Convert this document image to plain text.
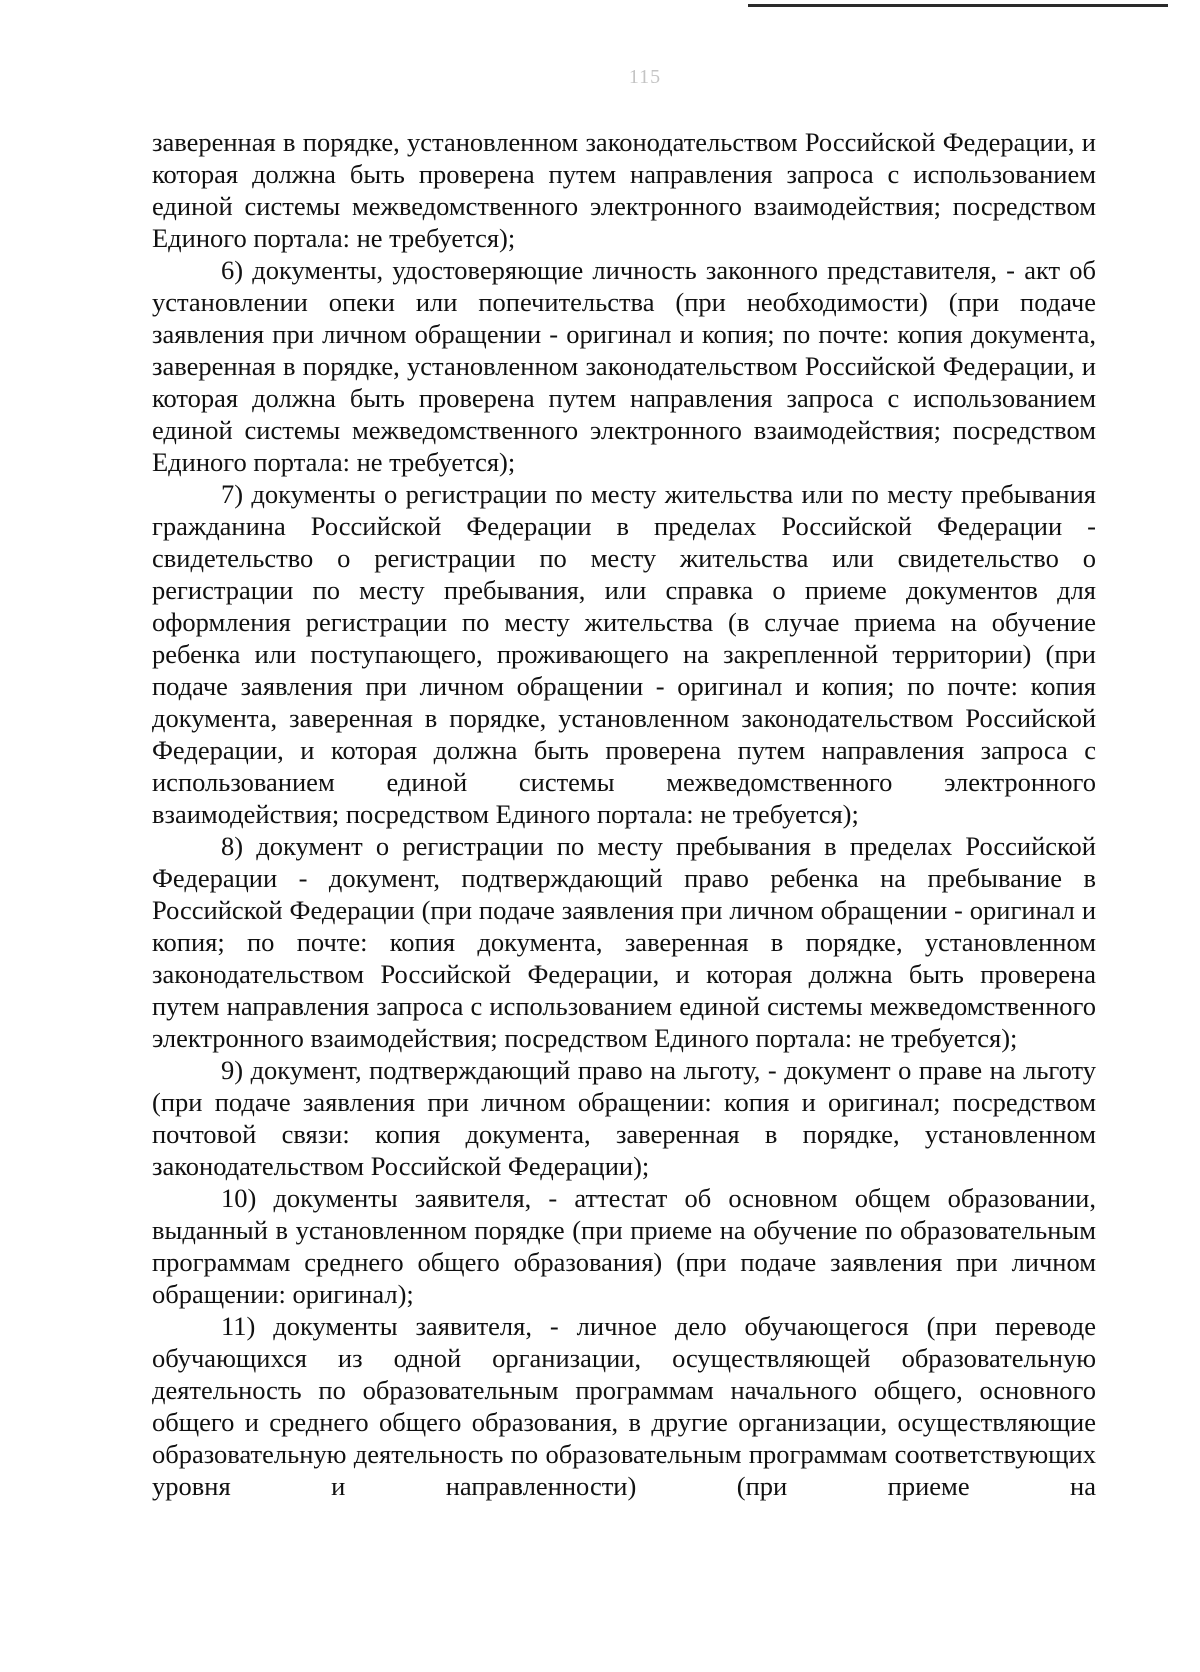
115

заверенная в порядке, установленном законодательством Российской Федерации, и которая должна быть проверена путем направления запроса с использованием единой системы межведомственного электронного взаимодействия; посредством Единого портала: не требуется);

6) документы, удостоверяющие личность законного представителя, - акт об установлении опеки или попечительства (при необходимости) (при подаче заявления при личном обращении - оригинал и копия; по почте: копия документа, заверенная в порядке, установленном законодательством Российской Федерации, и которая должна быть проверена путем направления запроса с использованием единой системы межведомственного электронного взаимодействия; посредством Единого портала: не требуется);

7) документы о регистрации по месту жительства или по месту пребывания гражданина Российской Федерации в пределах Российской Федерации - свидетельство о регистрации по месту жительства или свидетельство о регистрации по месту пребывания, или справка о приеме документов для оформления регистрации по месту жительства (в случае приема на обучение ребенка или поступающего, проживающего на закрепленной территории) (при подаче заявления при личном обращении - оригинал и копия; по почте: копия документа, заверенная в порядке, установленном законодательством Российской Федерации, и которая должна быть проверена путем направления запроса с использованием единой системы межведомственного электронного взаимодействия; посредством Единого портала: не требуется);

8) документ о регистрации по месту пребывания в пределах Российской Федерации - документ, подтверждающий право ребенка на пребывание в Российской Федерации (при подаче заявления при личном обращении - оригинал и копия; по почте: копия документа, заверенная в порядке, установленном законодательством Российской Федерации, и которая должна быть проверена путем направления запроса с использованием единой системы межведомственного электронного взаимодействия; посредством Единого портала: не требуется);

9) документ, подтверждающий право на льготу, - документ о праве на льготу (при подаче заявления при личном обращении: копия и оригинал; посредством почтовой связи: копия документа, заверенная в порядке, установленном законодательством Российской Федерации);

10) документы заявителя, - аттестат об основном общем образовании, выданный в установленном порядке (при приеме на обучение по образовательным программам среднего общего образования) (при подаче заявления при личном обращении: оригинал);

11) документы заявителя, - личное дело обучающегося (при переводе обучающихся из одной организации, осуществляющей образовательную деятельность по образовательным программам начального общего, основного общего и среднего общего образования, в другие организации, осуществляющие образовательную деятельность по образовательным программам соответствующих уровня и направленности) (при приеме на
